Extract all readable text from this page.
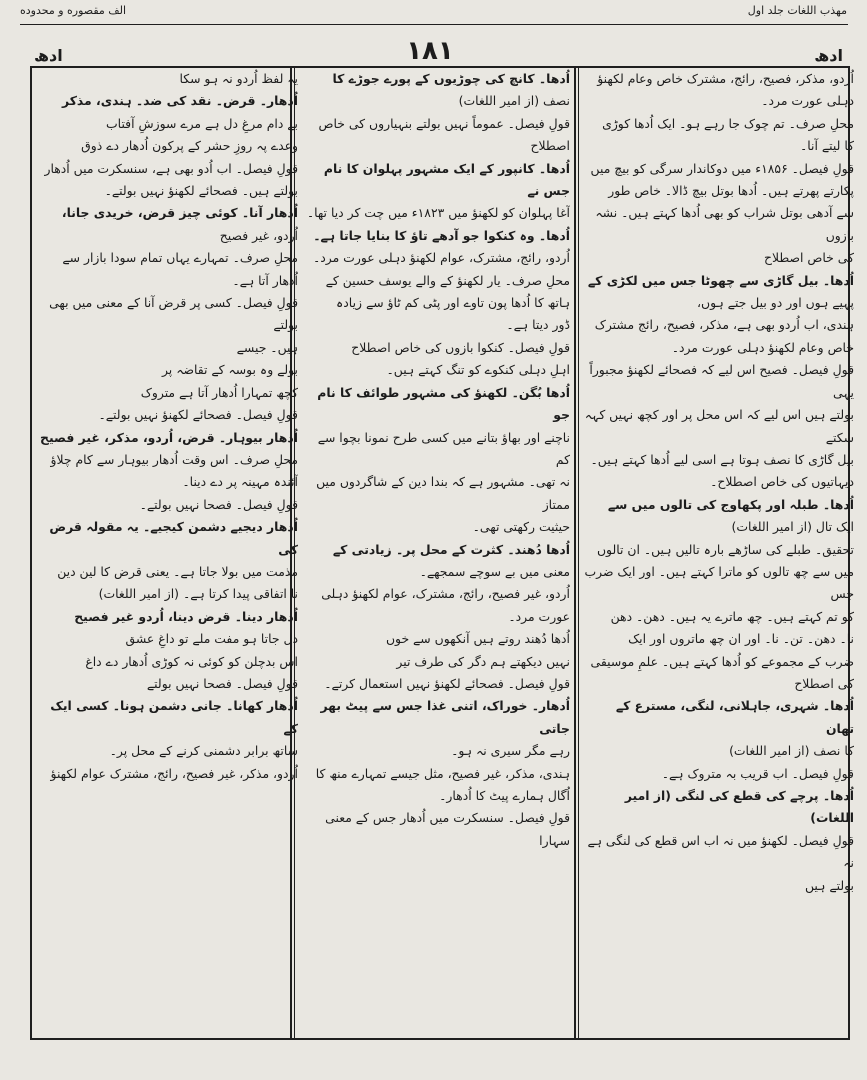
مهذب اللغات جلد اول
الف مقصوره و محدوده
۱۸۱	ادھ
ادھ

اُردو، مذکر، فصیح، رائج، مشترک خاص وعام لکھنؤ

دہلی عورت مرد۔

محلِ صرف۔ تم چوک جا رہے ہو۔ ایک اُدھا کوڑی

کا لیتے آنا۔

قولِ فیصل۔ ۱۸۵۶ء میں دوکاندار سرگی کو بیچ میں

پکارتے پھرتے ہیں۔ اُدھا بوتل بیچ ڈالا۔ خاص طور

سے آدھی بوتل شراب کو بھی اُدھا کہتے ہیں۔ نشہ بازوں

کی خاص اصطلاح

اُدھا۔ بیل گاڑی سے چھوٹا جس میں لکڑی کے

پہیے ہوں اور دو بیل جتے ہوں،

ہندی، اب اُردو بھی ہے، مذکر، فصیح، رائج مشترک

خاص وعام لکھنؤ دہلی عورت مرد۔

قولِ فیصل۔ فصیح اس لیے کہ فصحائے لکھنؤ مجبوراً یہی

بولتے ہیں اس لیے کہ اس محل پر اور کچھ نہیں کہہ سکتے

بیل گاڑی کا نصف ہوتا ہے اسی لیے اُدھا کہتے ہیں۔

دیہاتیوں کی خاص اصطلاح۔

اُدھا۔ طبلہ اور پکھاوج کی تالوں میں سے

ایک تال (از امیر اللغات)

تحقیق۔ طبلے کی ساڑھے بارہ تالیں ہیں۔ ان تالوں

میں سے چھ تالوں کو ماترا کہتے ہیں۔ اور ایک ضرب جس

کو تم کہتے ہیں۔ چھ ماترے یہ ہیں۔ دھن۔ دھن

نا۔ دھن۔ تن۔ نا۔ اور ان چھ ماتروں اور ایک

ضرب کے مجموعے کو اُدھا کہتے ہیں۔ علمِ موسیقی کی اصطلاح

اُدھا۔ شہری، جاہلانی، لنگی، مسترع کے تھان

کا نصف (از امیر اللغات)

قولِ فیصل۔ اب قریب بہ متروک ہے۔

اُدھا۔ پرچے کی قطع کی لنگی (از امیر اللغات)

قولِ فیصل۔ لکھنؤ میں نہ اب اس قطع کی لنگی ہے نہ

بولتے ہیں

اُدھا۔ کانچ کی چوڑیوں کے پورے جوڑے کا

نصف (از امیر اللغات)

قولِ فیصل۔ عموماً نہیں بولتے بنہیاروں کی خاص

اصطلاح

اُدھا۔ کانپور کے ایک مشہور پہلوان کا نام جس نے

آغا پہلوان کو لکھنؤ میں ۱۸۲۳ء میں چت کر دیا تھا۔

اُدھا۔ وہ کنکوا جو آدھے تاؤ کا بنایا جاتا ہے۔

اُردو، رائج، مشترک، عوام لکھنؤ دہلی عورت مرد۔

محلِ صرف۔ یار لکھنؤ کے والے یوسف حسین کے

ہاتھ کا اُدھا پون تاوے اور پٹی کم ٹاؤ سے زیادہ

ڈور دیتا ہے۔

قولِ فیصل۔ کنکوا بازوں کی خاص اصطلاح

اہلِ دہلی کنکوے کو تنگ کہتے ہیں۔

اُدھا بُگن۔ لکھنؤ کی مشہور طوائف کا نام جو

ناچنے اور بھاؤ بتانے میں کسی طرح نمونا بچوا سے کم

نہ تھی۔ مشہور ہے کہ بندا دین کے شاگردوں میں ممتاز

حیثیت رکھتی تھی۔

اُدھا دُھند۔ کثرت کے محل پر۔ زیادتی کے

معنی میں بے سوچے سمجھے۔

اُردو، غیر فصیح، رائج، مشترک، عوام لکھنؤ دہلی

عورت مرد۔

اُدھا دُھند روتے ہیں آنکھوں سے خوں

نہیں دیکھتے ہم دگر کی طرف تیر

قولِ فیصل۔ فصحائے لکھنؤ نہیں استعمال کرتے۔

اُدھار۔ خوراک، اتنی غذا جس سے پیٹ بھر جاتی

رہے مگر سیری نہ ہو۔

ہندی، مذکر، غیر فصیح، مثل جیسے تمہارے منھ کا

اُگال ہمارے پیٹ کا اُدھار۔

قولِ فیصل۔ سنسکرت میں اُدھار جس کے معنی سہارا

یہ لفظ اُردو نہ ہو سکا

اُدھار۔ قرض۔ نقد کی ضد۔ ہندی، مذکر

بے دام مرغِ دل ہے مرے سوزشِ آفتاب

وعدے پہ روزِ حشر کے پرکون اُدھار دے ذوق

قولِ فیصل۔ اب اُدو بھی ہے، سنسکرت میں اُدھار

بولتے ہیں۔ فصحائے لکھنؤ نہیں بولتے۔

اُدھار آنا۔ کوئی چیز قرض، خریدی جانا،

اُردو، غیر فصیح

محلِ صرف۔ تمہارے یہاں تمام سودا بازار سے

اُدھار آتا ہے۔

قولِ فیصل۔ کسی پر قرض آنا کے معنی میں بھی بولتے

ہیں۔ جیسے

بولے وہ بوسہ کے تقاضہ پر

کچھ تمہارا اُدھار آتا ہے متروک

قولِ فیصل۔ فصحائے لکھنؤ نہیں بولتے۔

اُدھار بیوہار۔ قرض، اُردو، مذکر، غیر فصیح

محلِ صرف۔ اس وقت اُدھار بیوہار سے کام چلاؤ

آئندہ مہینہ پر دے دینا۔

قولِ فیصل۔ فصحا نہیں بولتے۔

اُدھار دیجیے دشمن کیجیے۔ یہ مقولہ قرض کی

مذمت میں بولا جاتا ہے۔ یعنی قرض کا لین دین

نا اتفاقی پیدا کرتا ہے۔ (از امیر اللغات)

اُدھار دینا۔ قرض دینا، اُردو غیر فصیح

دل جاتا ہو مفت ملے تو داغِ عشق

اس بدچلن کو کوئی نہ کوڑی اُدھار دے داغ

قولِ فیصل۔ فصحا نہیں بولتے

اُدھار کھانا۔ جانی دشمن ہونا۔ کسی ایک کے

ساتھ برابر دشمنی کرنے کے محل پر۔

اُردو، مذکر، غیر فصیح، رائج، مشترک عوام لکھنؤ
